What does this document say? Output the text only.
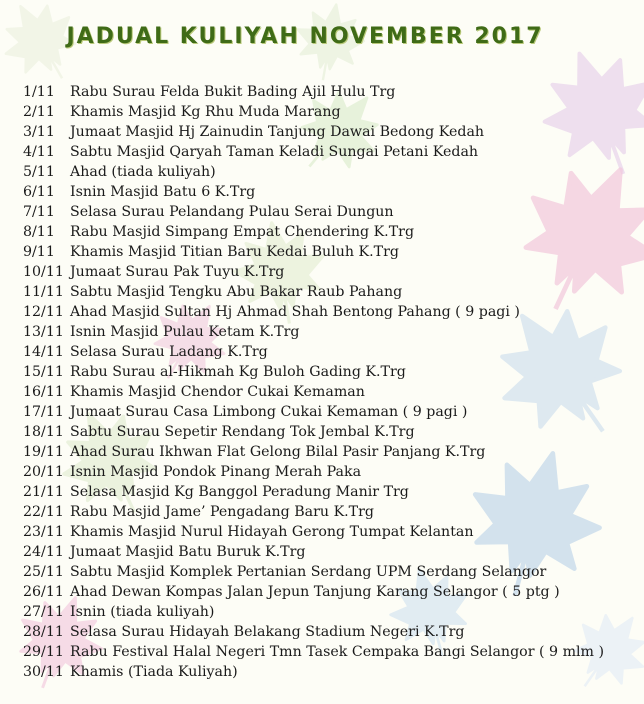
JADUAL KULIYAH NOVEMBER 2017
1/11 Rabu Surau Felda Bukit Bading Ajil Hulu Trg
2/11 Khamis Masjid Kg Rhu Muda Marang
3/11 Jumaat Masjid Hj Zainudin Tanjung Dawai Bedong Kedah
4/11 Sabtu Masjid Qaryah Taman Keladi Sungai Petani Kedah
5/11 Ahad (tiada kuliyah)
6/11 Isnin Masjid Batu 6 K.Trg
7/11 Selasa Surau Pelandang Pulau Serai Dungun
8/11 Rabu Masjid Simpang Empat Chendering K.Trg
9/11 Khamis Masjid Titian Baru Kedai Buluh K.Trg
10/11 Jumaat Surau Pak Tuyu K.Trg
11/11 Sabtu Masjid Tengku Abu Bakar Raub Pahang
12/11 Ahad Masjid Sultan Hj Ahmad Shah Bentong Pahang ( 9 pagi )
13/11 Isnin Masjid Pulau Ketam K.Trg
14/11 Selasa Surau Ladang K.Trg
15/11 Rabu Surau al-Hikmah Kg Buloh Gading K.Trg
16/11 Khamis Masjid Chendor Cukai Kemaman
17/11 Jumaat Surau Casa Limbong Cukai Kemaman ( 9 pagi )
18/11 Sabtu Surau Sepetir Rendang Tok Jembal K.Trg
19/11 Ahad Surau Ikhwan Flat Gelong Bilal Pasir Panjang K.Trg
20/11 Isnin Masjid Pondok Pinang Merah Paka
21/11 Selasa Masjid Kg Banggol Peradung Manir Trg
22/11 Rabu Masjid Jame’ Pengadang Baru K.Trg
23/11 Khamis Masjid Nurul Hidayah Gerong Tumpat Kelantan
24/11 Jumaat Masjid Batu Buruk K.Trg
25/11 Sabtu Masjid Komplek Pertanian Serdang UPM Serdang Selangor
26/11 Ahad Dewan Kompas Jalan Jepun Tanjung Karang Selangor ( 5 ptg )
27/11 Isnin (tiada kuliyah)
28/11 Selasa Surau Hidayah Belakang Stadium Negeri K.Trg
29/11 Rabu Festival Halal Negeri Tmn Tasek Cempaka Bangi Selangor ( 9 mlm )
30/11 Khamis (Tiada Kuliyah)
